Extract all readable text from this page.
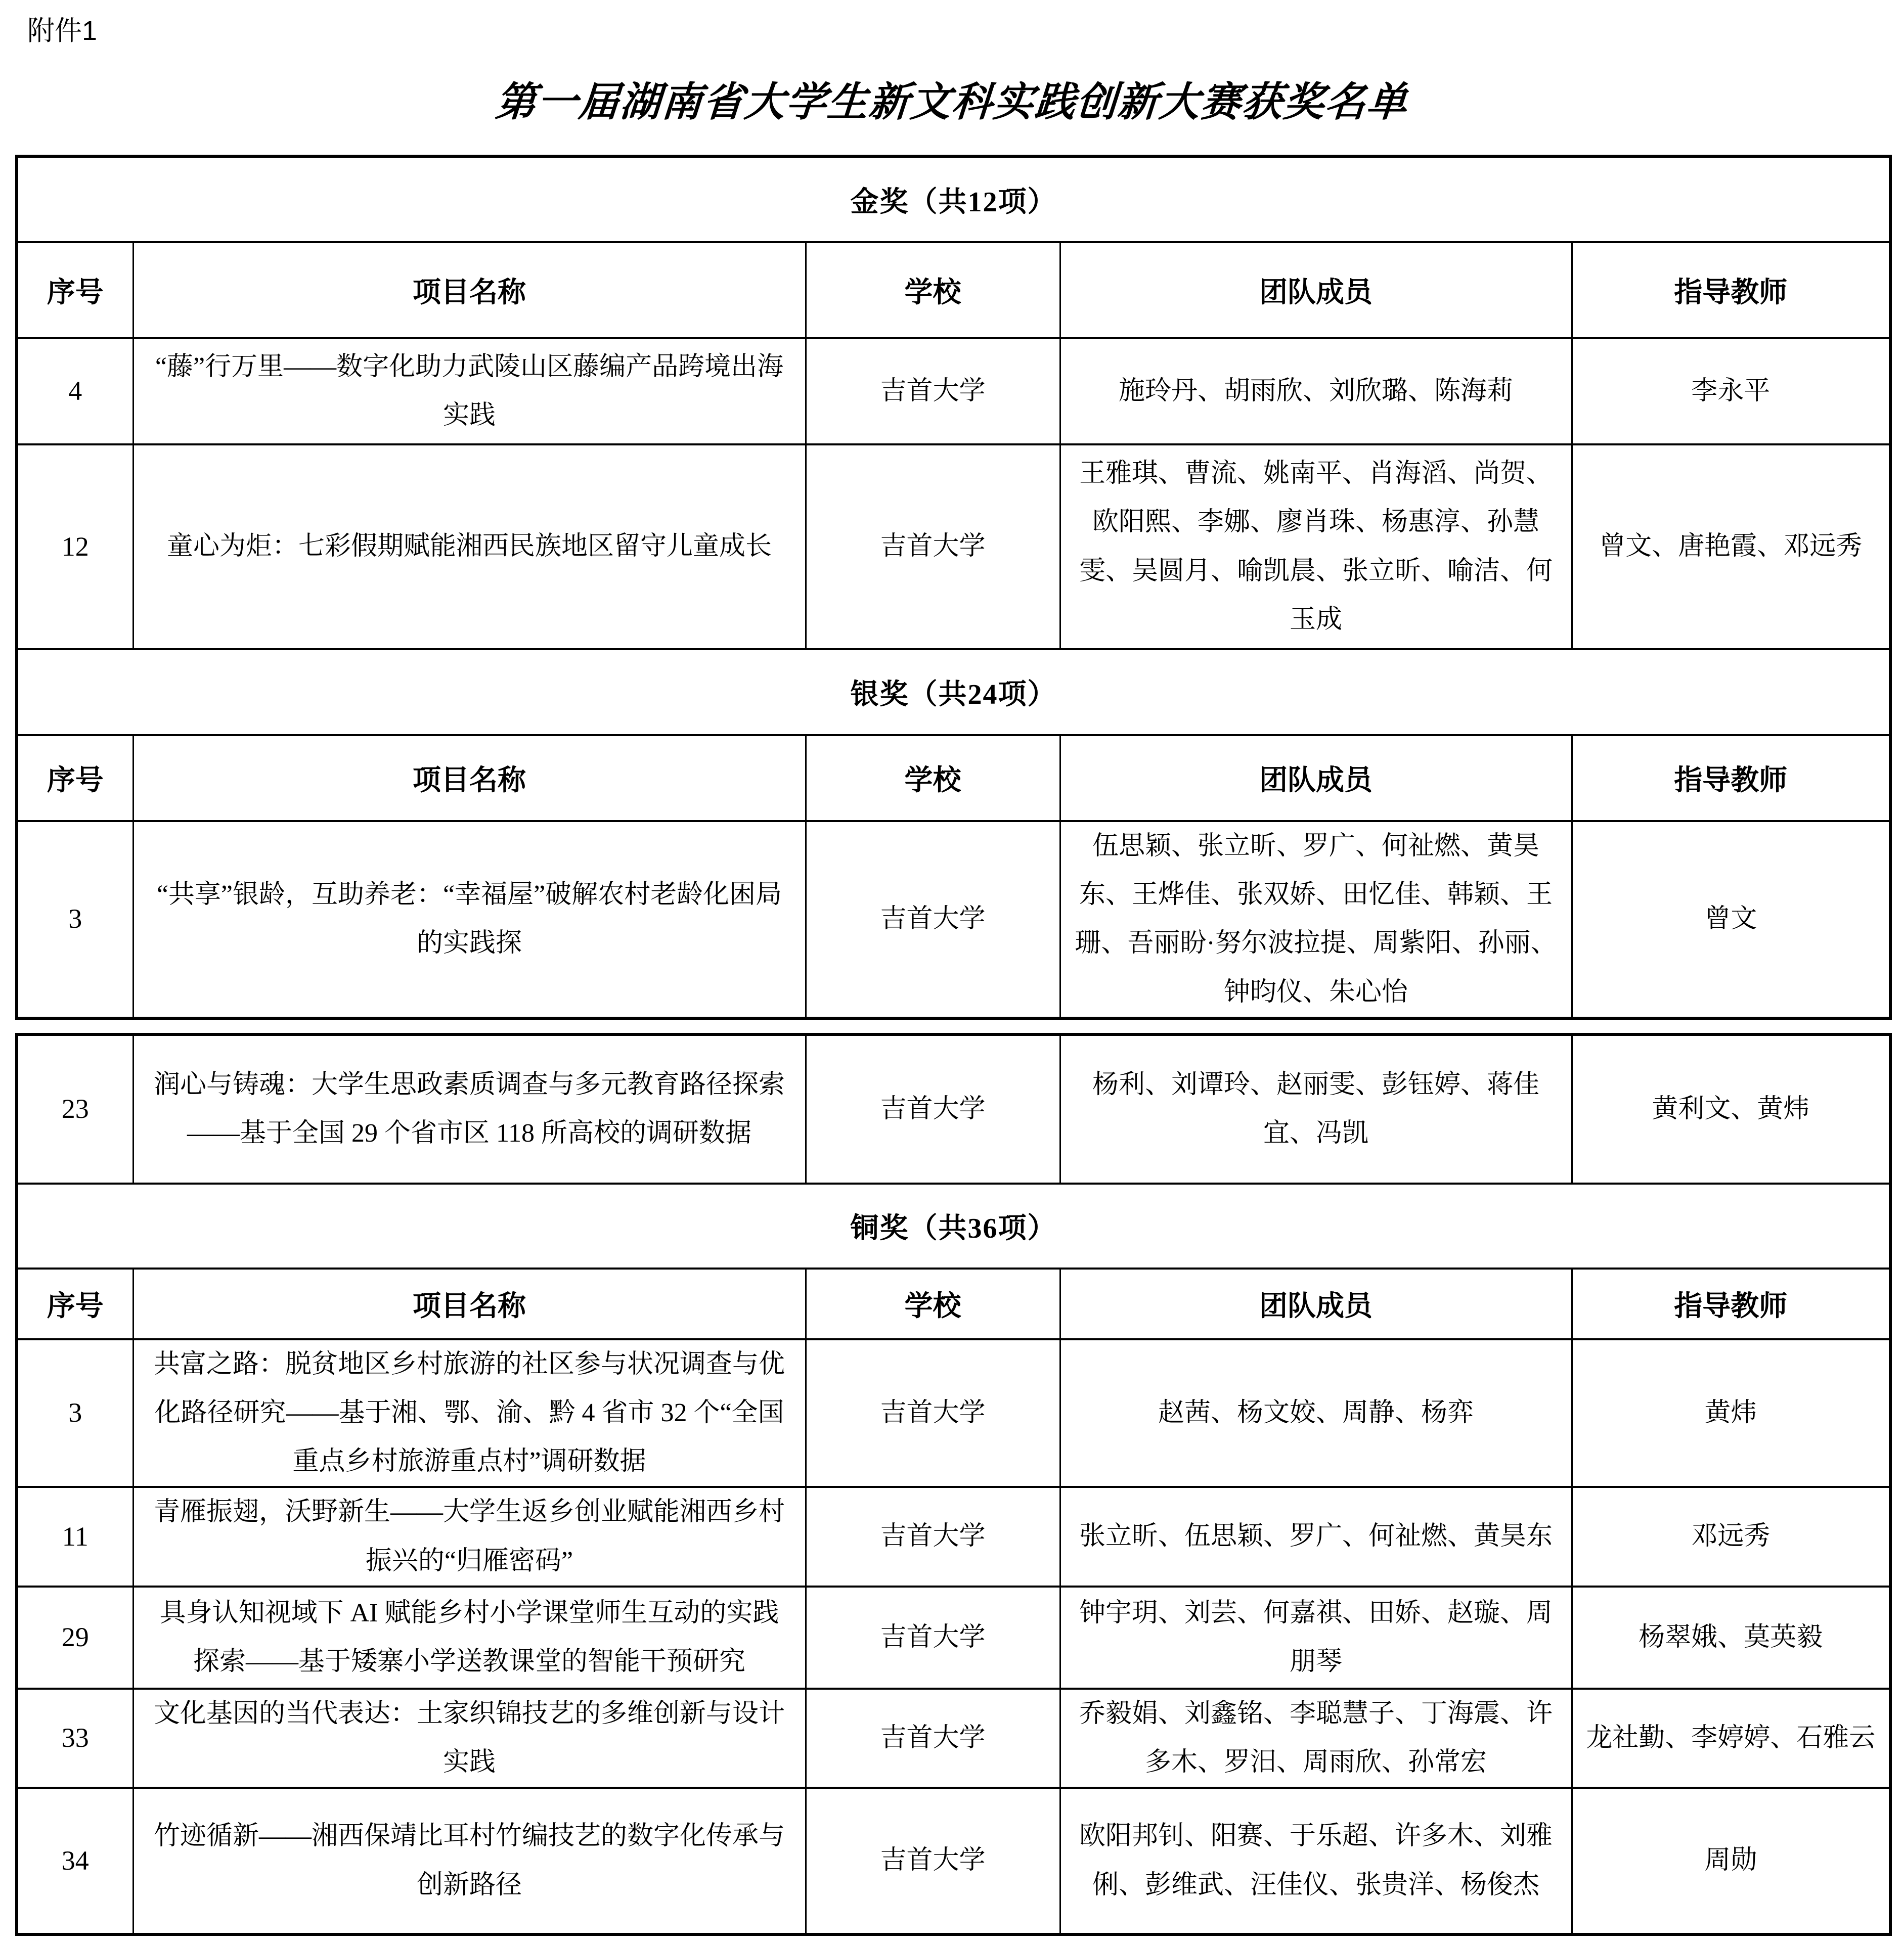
附件1
第一届湖南省大学生新文科实践创新大赛获奖名单
金奖（共12项）				
序号	项目名称	学校	团队成员	指导教师
4	“藤”行万里——数字化助力武陵山区藤编产品跨境出海实践	吉首大学	施玲丹、胡雨欣、刘欣璐、陈海莉	李永平
12	童心为炬：七彩假期赋能湘西民族地区留守儿童成长	吉首大学	王雅琪、曹流、姚南平、肖海滔、尚贺、欧阳熙、李娜、廖肖珠、杨惠淳、孙慧雯、吴圆月、喻凯晨、张立昕、喻洁、何玉成	曾文、唐艳霞、邓远秀
银奖（共24项）				
序号	项目名称	学校	团队成员	指导教师
3	“共享”银龄，互助养老：“幸福屋”破解农村老龄化困局的实践探	吉首大学	伍思颖、张立昕、罗广、何祉燃、黄昊东、王烨佳、张双娇、田忆佳、韩颖、王珊、吾丽盼·努尔波拉提、周紫阳、孙丽、钟昀仪、朱心怡	曾文
23	润心与铸魂：大学生思政素质调查与多元教育路径探索——基于全国 29 个省市区 118 所高校的调研数据	吉首大学	杨利、刘谭玲、赵丽雯、彭钰婷、蒋佳宜、冯凯	黄利文、黄炜
铜奖（共36项）				
序号	项目名称	学校	团队成员	指导教师
3	共富之路：脱贫地区乡村旅游的社区参与状况调查与优化路径研究——基于湘、鄂、渝、黔 4 省市 32 个“全国重点乡村旅游重点村”调研数据	吉首大学	赵茜、杨文姣、周静、杨弈	黄炜
11	青雁振翅，沃野新生——大学生返乡创业赋能湘西乡村振兴的“归雁密码”	吉首大学	张立昕、伍思颖、罗广、何祉燃、黄昊东	邓远秀
29	具身认知视域下 AI 赋能乡村小学课堂师生互动的实践探索——基于矮寨小学送教课堂的智能干预研究	吉首大学	钟宇玥、刘芸、何嘉祺、田娇、赵璇、周朋琴	杨翠娥、莫英毅
33	文化基因的当代表达：土家织锦技艺的多维创新与设计实践	吉首大学	乔毅娟、刘鑫铭、李聪慧子、丁海震、许多木、罗汨、周雨欣、孙常宏	龙社勤、李婷婷、石雅云
34	竹迹循新——湘西保靖比耳村竹编技艺的数字化传承与创新路径	吉首大学	欧阳邦钊、阳赛、于乐超、许多木、刘雅俐、彭维武、汪佳仪、张贵洋、杨俊杰	周勋
